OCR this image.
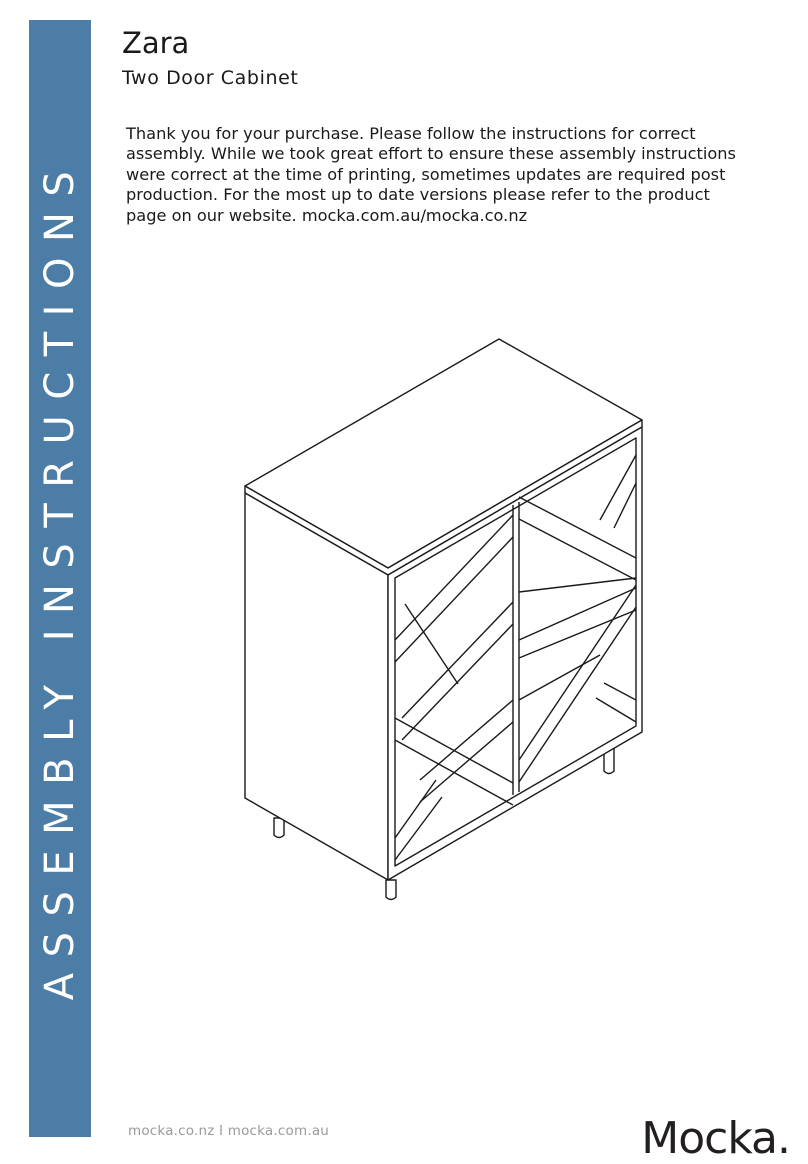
ASSEMBLY INSTRUCTIONS
Zara
Two Door Cabinet

Thank you for your purchase. Please follow the instructions for correct

assembly. While we took great effort to ensure these assembly instructions

were correct at the time of printing, sometimes updates are required post

production. For the most up to date versions please refer to the product

page on our website. mocka.com.au/mocka.co.nz

mocka.co.nz I mocka.com.au	Mocka.
